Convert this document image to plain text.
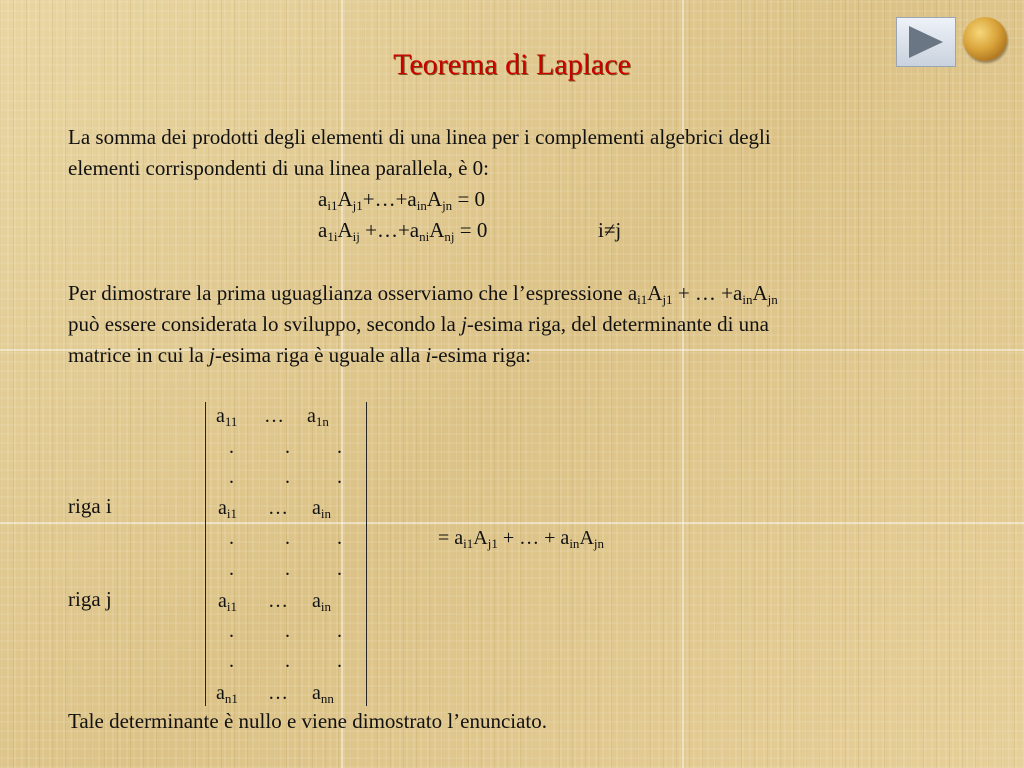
Teorema di Laplace
La somma dei prodotti degli elementi di una linea per i complementi algebrici degli
elementi corrispondenti di una linea parallela, è 0:
$a_{i1}A_{j1}+\dots+a_{in}A_{jn} = 0$
$a_{1i}A_{ij}$ $+\dots+a_{ni}A_{nj} = 0$	i≠j
Per dimostrare la prima uguaglianza osserviamo che l’espressione $a_{i1}A_{j1}$ + … $+a_{in}A_{jn}$
può essere considerata lo sviluppo, secondo la j-esima riga, del determinante di una
matrice in cui la j-esima riga è uguale alla i-esima riga:
$a_{11}$ … $a_{1n}$
.	. .
.	. .
riga i	$a_{i1}$ … $a_{in}$
.	. .	= $a_{i1}A_{j1}$ + … + $a_{in}A_{jn}$
.	. .
riga j	$a_{i1}$ … $a_{in}$
.	. .
.	. .
$a_{n1}$ … $a_{nn}$
Tale determinante è nullo e viene dimostrato l’enunciato.
